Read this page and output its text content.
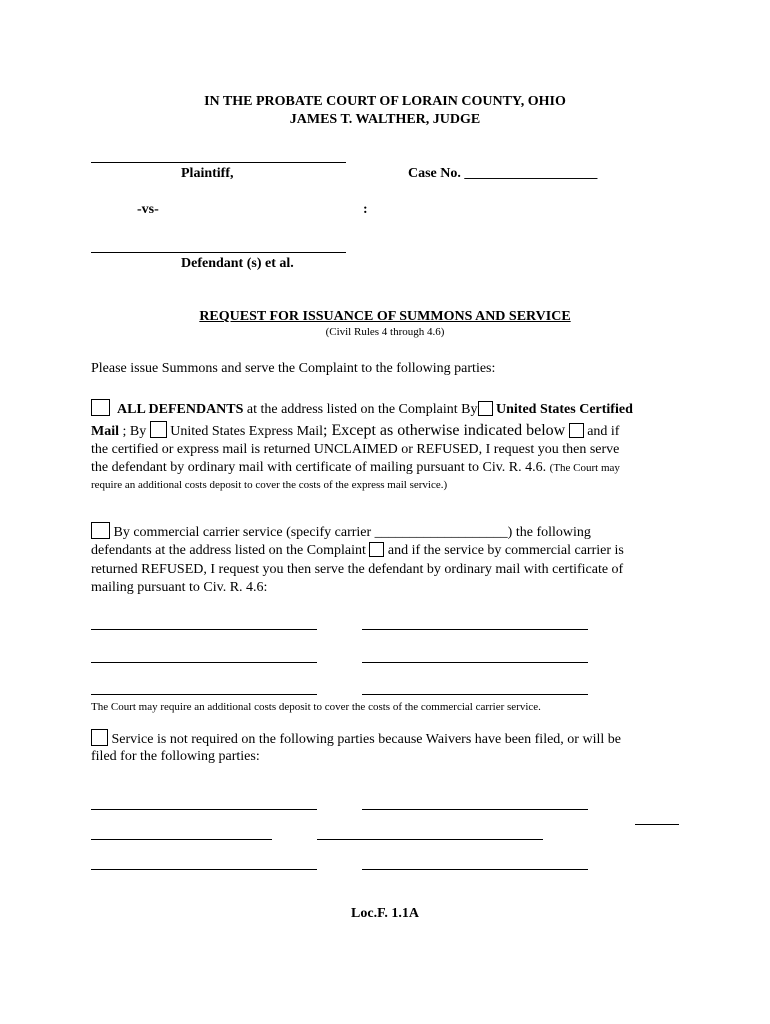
IN THE PROBATE COURT OF LORAIN COUNTY, OHIO
JAMES T. WALTHER, JUDGE
Plaintiff,	Case No. ___________________
-vs-	:
Defendant (s) et al.
REQUEST FOR ISSUANCE OF SUMMONS AND SERVICE
(Civil Rules 4 through 4.6)
Please issue Summons and serve the Complaint to the following parties:
ALL DEFENDANTS at the address listed on the Complaint By United States Certified
Mail ; By  United States Express Mail; Except as otherwise indicated below  and if
the certified or express mail is returned UNCLAIMED or REFUSED, I request you then serve
the defendant by ordinary mail with certificate of mailing pursuant to Civ. R. 4.6. (The Court may
require an additional costs deposit to cover the costs of the express mail service.)
By commercial carrier service (specify carrier ___________________) the following
defendants at the address listed on the Complaint  and if the service by commercial carrier is
returned REFUSED, I request you then serve the defendant by ordinary mail with certificate of
mailing pursuant to Civ. R. 4.6:
The Court may require an additional costs deposit to cover the costs of the commercial carrier service.
Service is not required on the following parties because Waivers have been filed, or will be
filed for the following parties:
Loc.F. 1.1A
